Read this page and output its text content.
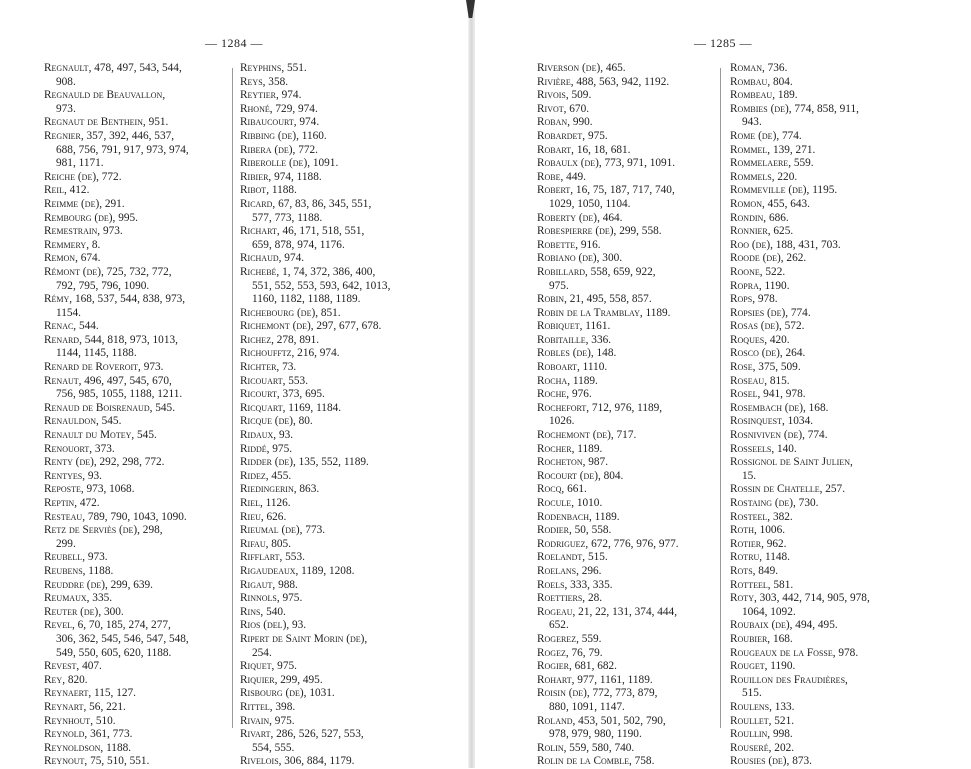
— 1284 —
Regnault, 478, 497, 543, 544,
908.
Regnauld de Beauvallon,
973.
Regnaut de Benthein, 951.
Regnier, 357, 392, 446, 537,
688, 756, 791, 917, 973, 974,
981, 1171.
Reiche (de), 772.
Reil, 412.
Reimme (de), 291.
Rembourg (de), 995.
Remestrain, 973.
Remmery, 8.
Remon, 674.
Rémont (de), 725, 732, 772,
792, 795, 796, 1090.
Rémy, 168, 537, 544, 838, 973,
1154.
Renac, 544.
Renard, 544, 818, 973, 1013,
1144, 1145, 1188.
Renard de Roveroit, 973.
Renaut, 496, 497, 545, 670,
756, 985, 1055, 1188, 1211.
Renaud de Boisrenaud, 545.
Renauldon, 545.
Renault du Motey, 545.
Renouort, 373.
Renty (de), 292, 298, 772.
Rentyes, 93.
Reposte, 973, 1068.
Reptin, 472.
Resteau, 789, 790, 1043, 1090.
Retz de Serviès (de), 298,
299.
Reubell, 973.
Reubens, 1188.
Reuddre (de), 299, 639.
Reumaux, 335.
Reuter (de), 300.
Revel, 6, 70, 185, 274, 277,
306, 362, 545, 546, 547, 548,
549, 550, 605, 620, 1188.
Revest, 407.
Rey, 820.
Reynaert, 115, 127.
Reynart, 56, 221.
Reynhout, 510.
Reynold, 361, 773.
Reynoldson, 1188.
Reynout, 75, 510, 551.
Reyphins, 551.
Reys, 358.
Reytier, 974.
Rhoné, 729, 974.
Ribaucourt, 974.
Ribbing (de), 1160.
Ribera (de), 772.
Riberolle (de), 1091.
Ribier, 974, 1188.
Ribot, 1188.
Ricard, 67, 83, 86, 345, 551,
577, 773, 1188.
Richart, 46, 171, 518, 551,
659, 878, 974, 1176.
Richaud, 974.
Richebé, 1, 74, 372, 386, 400,
551, 552, 553, 593, 642, 1013,
1160, 1182, 1188, 1189.
Richebourg (de), 851.
Richemont (de), 297, 677, 678.
Richez, 278, 891.
Richoufftz, 216, 974.
Richter, 73.
Ricouart, 553.
Ricourt, 373, 695.
Ricquart, 1169, 1184.
Ricque (de), 80.
Ridaux, 93.
Riddé, 975.
Ridder (de), 135, 552, 1189.
Ridez, 455.
Riedingerin, 863.
Riel, 1126.
Rieu, 626.
Rieumal (de), 773.
Rifau, 805.
Rifflart, 553.
Rigaudeaux, 1189, 1208.
Rigaut, 988.
Rinnols, 975.
Rins, 540.
Rios (del), 93.
Ripert de Saint Morin (de),
254.
Riquet, 975.
Riquier, 299, 495.
Risbourg (de), 1031.
Rittel, 398.
Rivain, 975.
Rivart, 286, 526, 527, 553,
554, 555.
Rivelois, 306, 884, 1179.
— 1285 —
Riverson (de), 465.
Rivière, 488, 563, 942, 1192.
Rivois, 509.
Rivot, 670.
Roban, 990.
Robardet, 975.
Robart, 16, 18, 681.
Robaulx (de), 773, 971, 1091.
Robe, 449.
Robert, 16, 75, 187, 717, 740,
1029, 1050, 1104.
Roberty (de), 464.
Robespierre (de), 299, 558.
Robette, 916.
Robiano (de), 300.
Robillard, 558, 659, 922,
975.
Robin, 21, 495, 558, 857.
Robin de la Tramblay, 1189.
Robiquet, 1161.
Robitaille, 336.
Robles (de), 148.
Roboart, 1110.
Rocha, 1189.
Roche, 976.
Rochefort, 712, 976, 1189,
1026.
Rochemont (de), 717.
Rocher, 1189.
Rocheton, 987.
Rocourt (de), 804.
Rocq, 661.
Rocule, 1010.
Rodenbach, 1189.
Rodier, 50, 558.
Rodriguez, 672, 776, 976, 977.
Roelandt, 515.
Roelans, 296.
Roels, 333, 335.
Roettiers, 28.
Rogeau, 21, 22, 131, 374, 444,
652.
Rogerez, 559.
Rogez, 76, 79.
Rogier, 681, 682.
Rohart, 977, 1161, 1189.
Roisin (de), 772, 773, 879,
880, 1091, 1147.
Roland, 453, 501, 502, 790,
978, 979, 980, 1190.
Rolin, 559, 580, 740.
Rolin de la Comble, 758.
Roman, 736.
Rombau, 804.
Rombeau, 189.
Rombies (de), 774, 858, 911,
943.
Rome (de), 774.
Rommel, 139, 271.
Rommelaere, 559.
Rommels, 220.
Rommeville (de), 1195.
Romon, 455, 643.
Rondin, 686.
Ronnier, 625.
Roo (de), 188, 431, 703.
Roode (de), 262.
Roone, 522.
Ropra, 1190.
Rops, 978.
Ropsies (de), 774.
Rosas (de), 572.
Roques, 420.
Rosco (de), 264.
Rose, 375, 509.
Roseau, 815.
Rosel, 941, 978.
Rosembach (de), 168.
Rosinquest, 1034.
Rosniviven (de), 774.
Rosseels, 140.
Rossignol de Saint Julien,
15.
Rossin de Chatelle, 257.
Rostaing (de), 730.
Rosteel, 382.
Roth, 1006.
Rotier, 962.
Rotru, 1148.
Rots, 849.
Rotteel, 581.
Roty, 303, 442, 714, 905, 978,
1064, 1092.
Roubaix (de), 494, 495.
Roubier, 168.
Rougeaux de la Fosse, 978.
Rouget, 1190.
Rouillon des Fraudières,
515.
Roulens, 133.
Roullet, 521.
Roullin, 998.
Rouseré, 202.
Rousies (de), 873.
